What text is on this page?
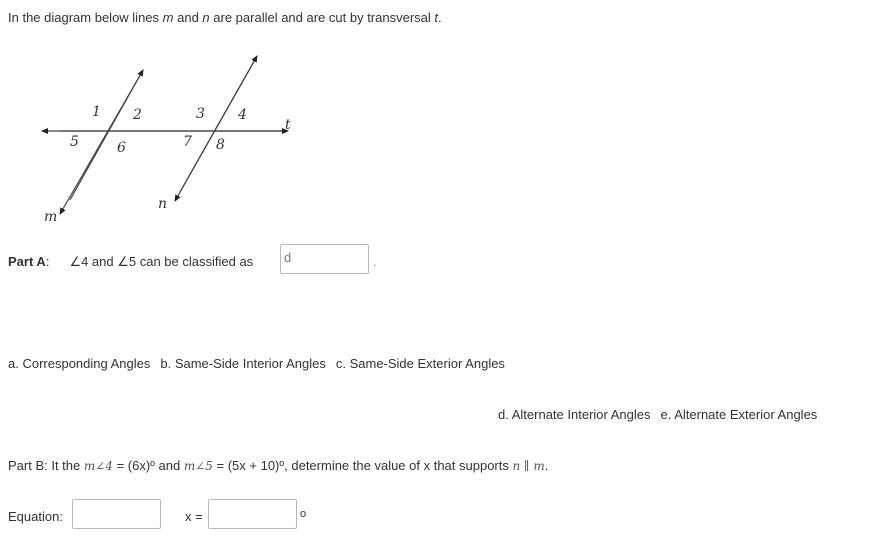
In the diagram below lines m and n are parallel and are cut by transversal t.
1 2	3 4
5	6	7 8
m
n
t
Part A: ∠4 and ∠5 can be classified as	d	.
a. Corresponding Angles b. Same-Side Interior Angles c. Same-Side Exterior Angles
d. Alternate Interior Angles e. Alternate Exterior Angles
Part B: It the m∠4 = (6x)º and m∠5 = (5x + 10)º, determine the value of x that supports n ∥ m.
Equation:	x =	o
